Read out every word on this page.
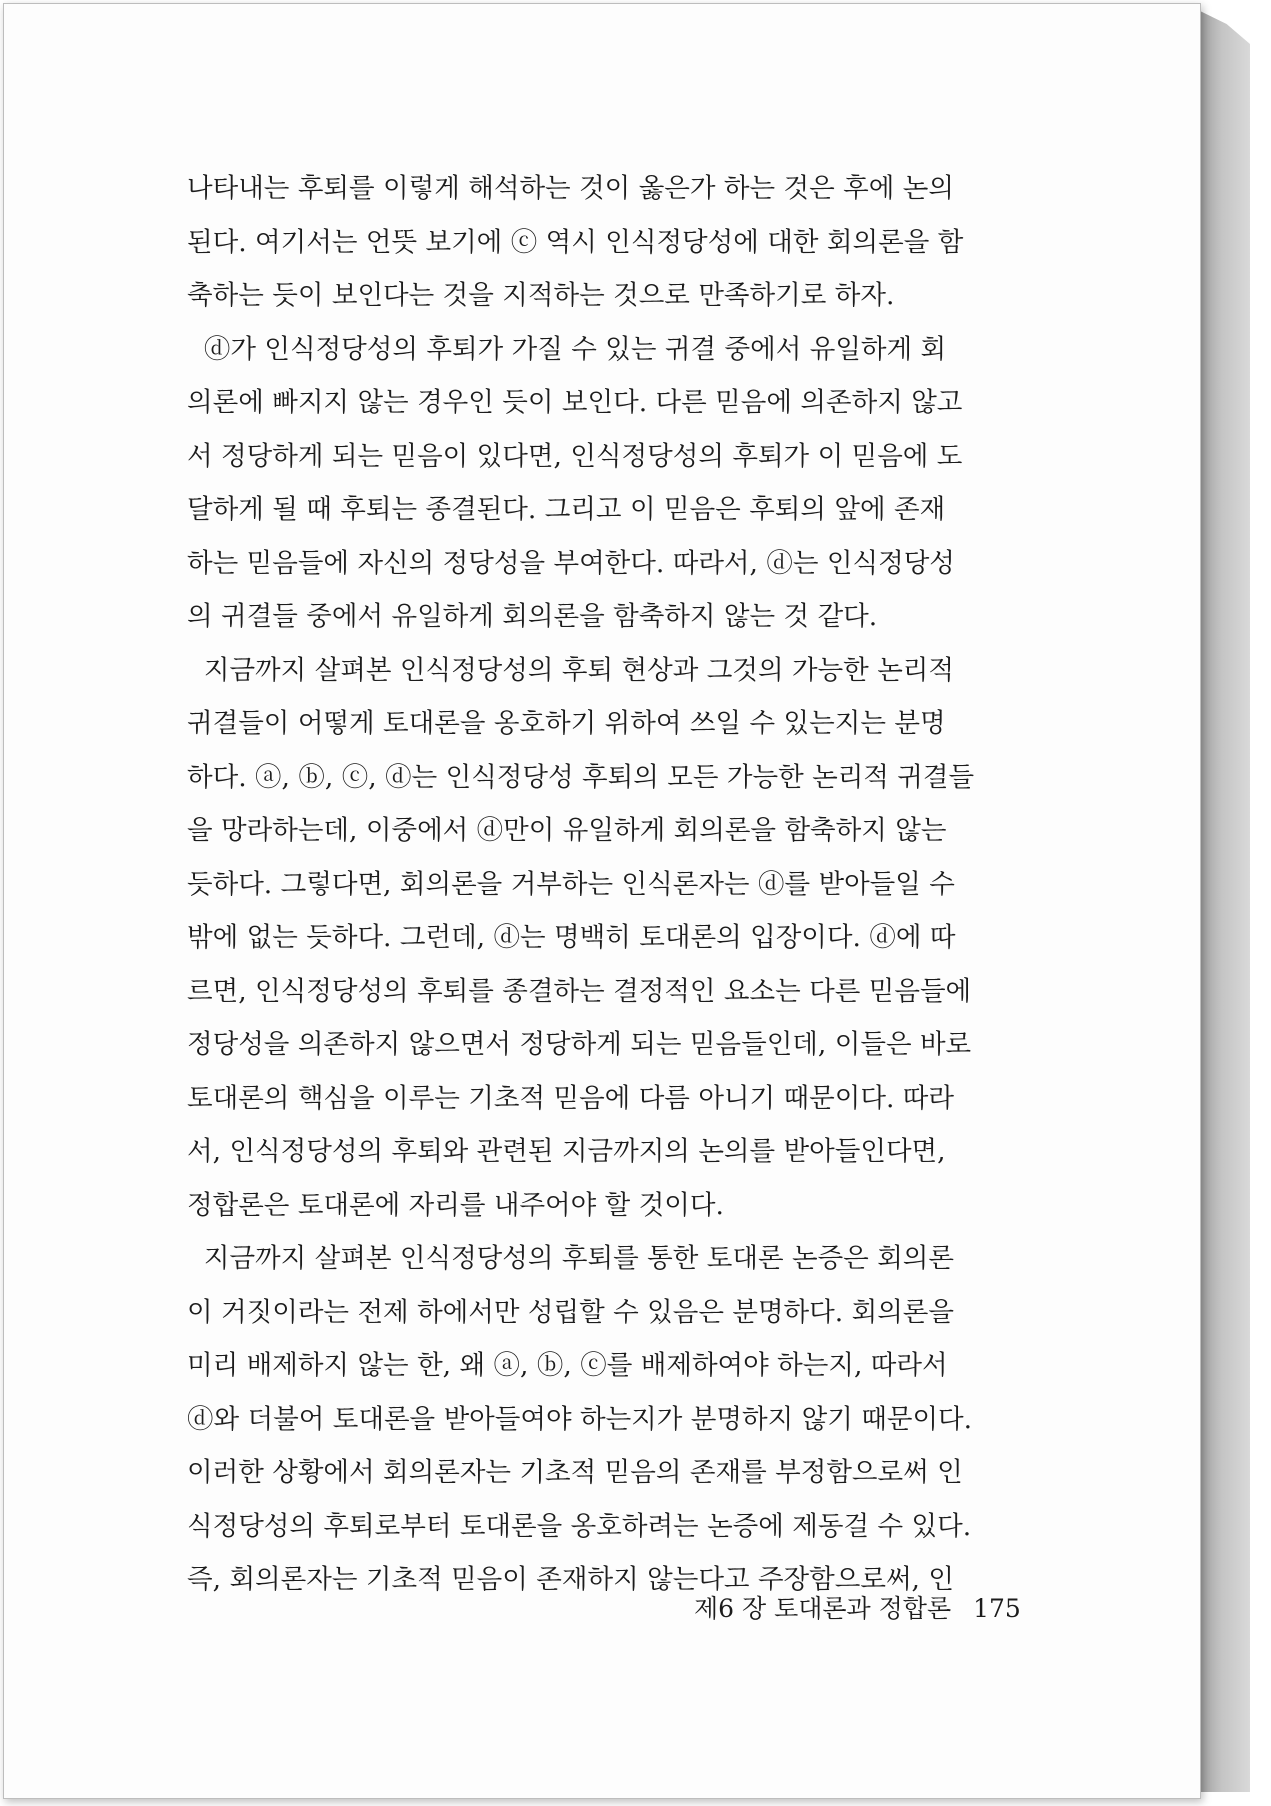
나타내는 후퇴를 이렇게 해석하는 것이 옳은가 하는 것은 후에 논의

된다. 여기서는 언뜻 보기에 ⓒ 역시 인식정당성에 대한 회의론을 함

축하는 듯이 보인다는 것을 지적하는 것으로 만족하기로 하자.

ⓓ가 인식정당성의 후퇴가 가질 수 있는 귀결 중에서 유일하게 회

의론에 빠지지 않는 경우인 듯이 보인다. 다른 믿음에 의존하지 않고

서 정당하게 되는 믿음이 있다면, 인식정당성의 후퇴가 이 믿음에 도

달하게 될 때 후퇴는 종결된다. 그리고 이 믿음은 후퇴의 앞에 존재

하는 믿음들에 자신의 정당성을 부여한다. 따라서, ⓓ는 인식정당성

의 귀결들 중에서 유일하게 회의론을 함축하지 않는 것 같다.

지금까지 살펴본 인식정당성의 후퇴 현상과 그것의 가능한 논리적

귀결들이 어떻게 토대론을 옹호하기 위하여 쓰일 수 있는지는 분명

하다. ⓐ, ⓑ, ⓒ, ⓓ는 인식정당성 후퇴의 모든 가능한 논리적 귀결들

을 망라하는데, 이중에서 ⓓ만이 유일하게 회의론을 함축하지 않는

듯하다. 그렇다면, 회의론을 거부하는 인식론자는 ⓓ를 받아들일 수

밖에 없는 듯하다. 그런데, ⓓ는 명백히 토대론의 입장이다. ⓓ에 따

르면, 인식정당성의 후퇴를 종결하는 결정적인 요소는 다른 믿음들에

정당성을 의존하지 않으면서 정당하게 되는 믿음들인데, 이들은 바로

토대론의 핵심을 이루는 기초적 믿음에 다름 아니기 때문이다. 따라

서, 인식정당성의 후퇴와 관련된 지금까지의 논의를 받아들인다면,

정합론은 토대론에 자리를 내주어야 할 것이다.

지금까지 살펴본 인식정당성의 후퇴를 통한 토대론 논증은 회의론

이 거짓이라는 전제 하에서만 성립할 수 있음은 분명하다. 회의론을

미리 배제하지 않는 한, 왜 ⓐ, ⓑ, ⓒ를 배제하여야 하는지, 따라서

ⓓ와 더불어 토대론을 받아들여야 하는지가 분명하지 않기 때문이다.

이러한 상황에서 회의론자는 기초적 믿음의 존재를 부정함으로써 인

식정당성의 후퇴로부터 토대론을 옹호하려는 논증에 제동걸 수 있다.

즉, 회의론자는 기초적 믿음이 존재하지 않는다고 주장함으로써, 인

제6 장 토대론과 정합론 175
